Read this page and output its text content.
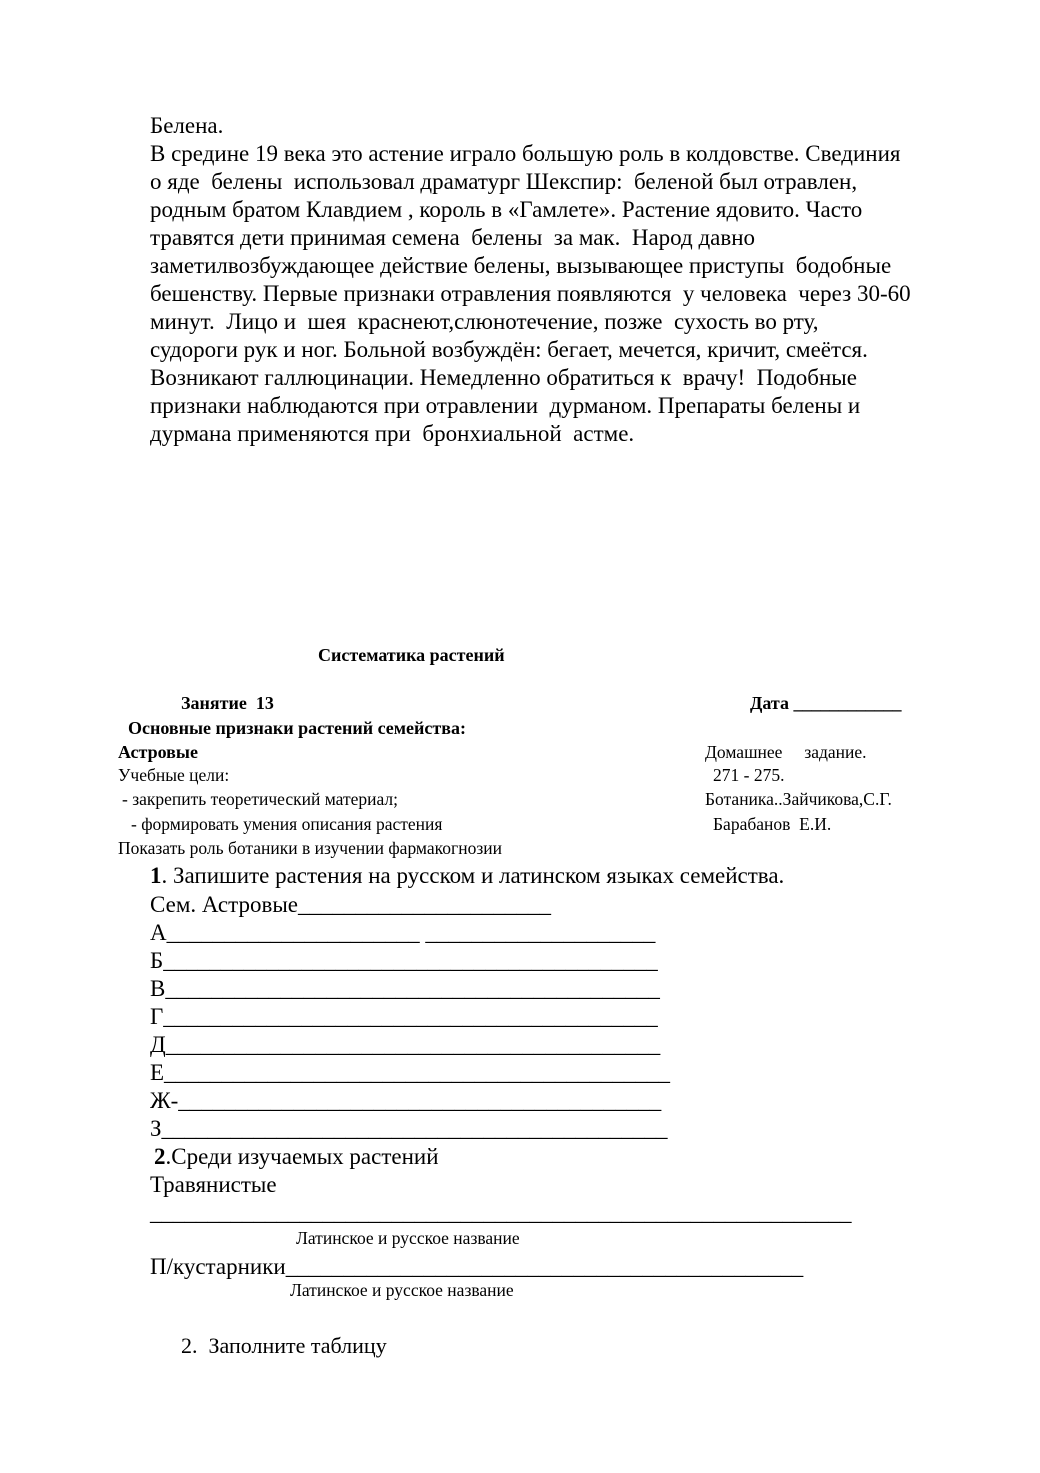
Белена.
В средине 19 века это астение играло большую роль в колдовстве. Свединия
о яде  белены  использовал драматург Шекспир:  беленой был отравлен,
родным братом Клавдием , король в «Гамлете». Растение ядовито. Часто
травятся дети принимая семена  белены  за мак.  Народ давно
заметилвозбуждающее действие белены, вызывающее приступы  бодобные
бешенству. Первые признаки отравления появляются  у человека  через 30-60
минут.  Лицо и  шея  краснеют,слюнотечение, позже  сухость во рту,
судороги рук и ног. Больной возбуждён: бегает, мечется, кричит, смеётся.
Возникают галлюцинации. Немедленно обратиться к  врачу!  Подобные
признаки наблюдаются при отравлении  дурманом. Препараты белены и
дурмана применяются при  бронхиальной  астме.
Систематика растений
Занятие  13	Дата ____________
Основные признаки растений семейства:
Астровые	Домашнее     задание.
Учебные цели:	271 - 275.
- закрепить теоретический материал;	Ботаника..Зайчикова,С.Г.
- формировать умения описания растения	Барабанов  Е.И.
Показать роль ботаники в изучении фармакогнозии
1. Запишите растения на русском и латинском языках семейства.
Сем. Астровые______________________
А______________________ ____________________
Б___________________________________________
В___________________________________________
Г___________________________________________
Д___________________________________________
Е____________________________________________
Ж-__________________________________________
З____________________________________________
2.Среди изучаемых растений
Травянистые
_____________________________________________________________
Латинское и русское название
П/кустарники_____________________________________________
Латинское и русское название
2.  Заполните таблицу
